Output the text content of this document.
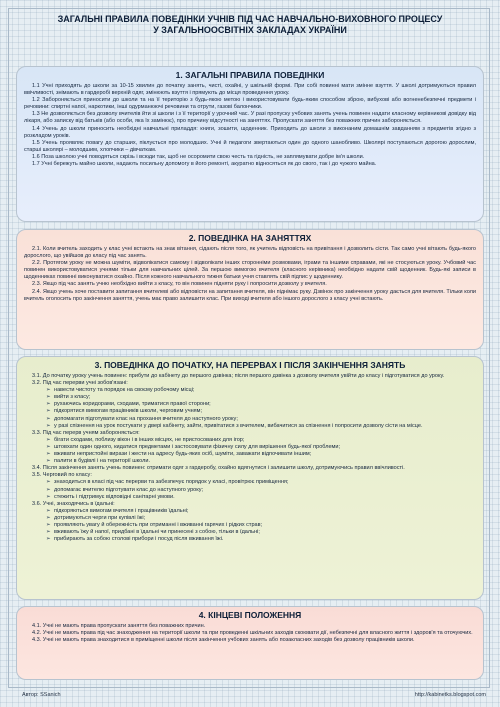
ЗАГАЛЬНІ ПРАВИЛА ПОВЕДІНКИ УЧНІВ ПІД ЧАС НАВЧАЛЬНО-ВИХОВНОГО ПРОЦЕСУ
У ЗАГАЛЬНООСВІТНІХ ЗАКЛАДАХ УКРАЇНИ
1. ЗАГАЛЬНІ ПРАВИЛА ПОВЕДІНКИ

1.1 Учні приходять до школи за 10-15 хвилин до початку занять, чисті, охайні, у шкільній формі. При собі повинні мати змінне взуття. У школі дотримуються правил ввічливості, знімають в гардеробі верхній одяг, змінюють взуття і прямують до місця проведення уроку.

1.2 Забороняється приносити до школи та на її територію з будь-якою метою і використовувати будь-яким способом зброю, вибухові або вогненебезпечні предмети і речовини: спиртні напої, наркотики, інші одурманюючі речовини та отрути, газові балончики.

1.3 Не дозволяється без дозволу вчителів йти зі школи і з її території у урочний час. У разі пропуску учбових занять учень повинен надати класному керівникові довідку від лікаря, або записку від батьків (або особи, яка їх замінює), про причину відсутності на заняттях. Пропускати заняття без поважних причин забороняється.

1.4 Учень до школи приносить необхідні навчальні приладдя: книги, зошити, щоденник. Приходить до школи з виконаним домашнім завданням з предметів згідно з розкладом уроків.

1.5 Учень проявляє повагу до старших, піклується про молодших. Учні й педагоги звертаються один до одного шанобливо. Школярі поступаються дорогою дорослим, старші школярі – молодшим, хлопчики – дівчаткам.

1.6 Поза школою учні поводяться скрізь і всюди так, щоб не осоромити свою честь та гідність, не заплямувати добре ім'я школи.

1.7 Учні бережуть майно школи, надають посильну допомогу в його ремонті, акуратно відносяться як до свого, так і до чужого майна.

2. ПОВЕДІНКА НА ЗАНЯТТЯХ

2.1. Коли вчитель заходить у клас учні встають на знак вітання, сідають після того, як учитель відповість на привітання і дозволить сісти. Так само учні вітають будь-якого дорослого, що увійшов до класу під час занять.

2.2. Протягом уроку не можна шуміти, відволікатися самому і відволікати інших сторонніми розмовами, іграми та іншими справами, які не стосуються уроку. Учбовий час повинен використовуватися учнями тільки для навчальних цілей. За першою вимогою вчителя (класного керівника) необхідно надати свій щоденник. Будь-які записи в щоденниках повинні виконуватися охайно. Після кожного навчального тижня батьки учня ставлять свій підпис у щоденнику.

2.3. Якщо під час занять учню необхідно вийти з класу, то він повинен підняти руку і попросити дозволу у вчителя.

2.4. Якщо учень хоче поставити запитання вчителеві або відповісти на запитання вчителя, він піднімає руку. Дзвінок про закінчення уроку дається для вчителя. Тільки коли вчитель оголосить про закінчення заняття, учень має право залишити клас. При виході вчителя або іншого дорослого з класу учні встають.

3. ПОВЕДІНКА ДО ПОЧАТКУ, НА ПЕРЕРВАХ І ПІСЛЯ ЗАКІНЧЕННЯ ЗАНЯТЬ

3.1. До початку уроку учень повинен: прибути до кабінету до першого дзвінка; після першого дзвінка з дозволу вчителя увійти до класу і підготуватися до уроку.

3.2. Під час перерви учні зобов'язані:

➢ навести чистоту та порядок на своєму робочому місці;
➢ вийти з класу;
➢ рухаючись коридорами, сходами, триматися правої сторони;
➢ підкорятися вимогам працівників школи, черговим учням;
➢ допомагати підготувати клас на прохання вчителя до наступного уроку;
➢ у разі спізнення на урок постукати у двері кабінету, зайти, привітатися з вчителем, вибачитися за спізнення і попросити дозволу сісти на місце.

3.3. Під час перерв учням забороняється:

➢ бігати сходами, поблизу вікон і в інших місцях, не пристосованих для ігор;
➢ штовхати один одного, кидатися предметами і застосовувати фізичну силу для вирішення будь-якої проблеми;
➢ вживати непристойні вирази і жести на адресу будь-яких осіб, шуміти, заважати відпочивати іншим;
➢ палити в будівлі і на території школи.

3.4. Після закінчення занять учень повинен: отримати одяг з гардеробу, охайно вдягнутися і залишити школу, дотримуючись правил ввічливості.

3.5. Черговий по класу:

➢ знаходиться в класі під час перерви та забезпечує порядок у класі, провітрює приміщення;
➢ допомагає вчителю підготувати клас до наступного уроку;
➢ стежить і підтримує відповідні санітарні умови.

3.6. Учні, знаходячись в їдальні:

➢ підкоряються вимогам вчителя і працівників їдальні;
➢ дотримуються черги при купівлі їжі;
➢ проявляють увагу й обережність при отриманні і вживанні гарячих і рідких страв;
➢ вживають їжу й напої, придбані в їдальні чи принесені з собою, тільки в їдальні;
➢ прибирають за собою столові прибори і посуд після вживання їжі.
4. КІНЦЕВІ ПОЛОЖЕННЯ

4.1. Учні не мають права пропускати заняття без поважних причин.

4.2. Учні не мають права під час знаходження на території школи та при проведенні шкільних заходів скоювати дії, небезпечні для власного життя і здоров'я та оточуючих.

4.3. Учні не мають права знаходитися в приміщенні школи після закінчення учбових занять або позакласних заходів без дозволу працівників школи.

Автор: SSanich	http://kabinetks.blogspot.com
